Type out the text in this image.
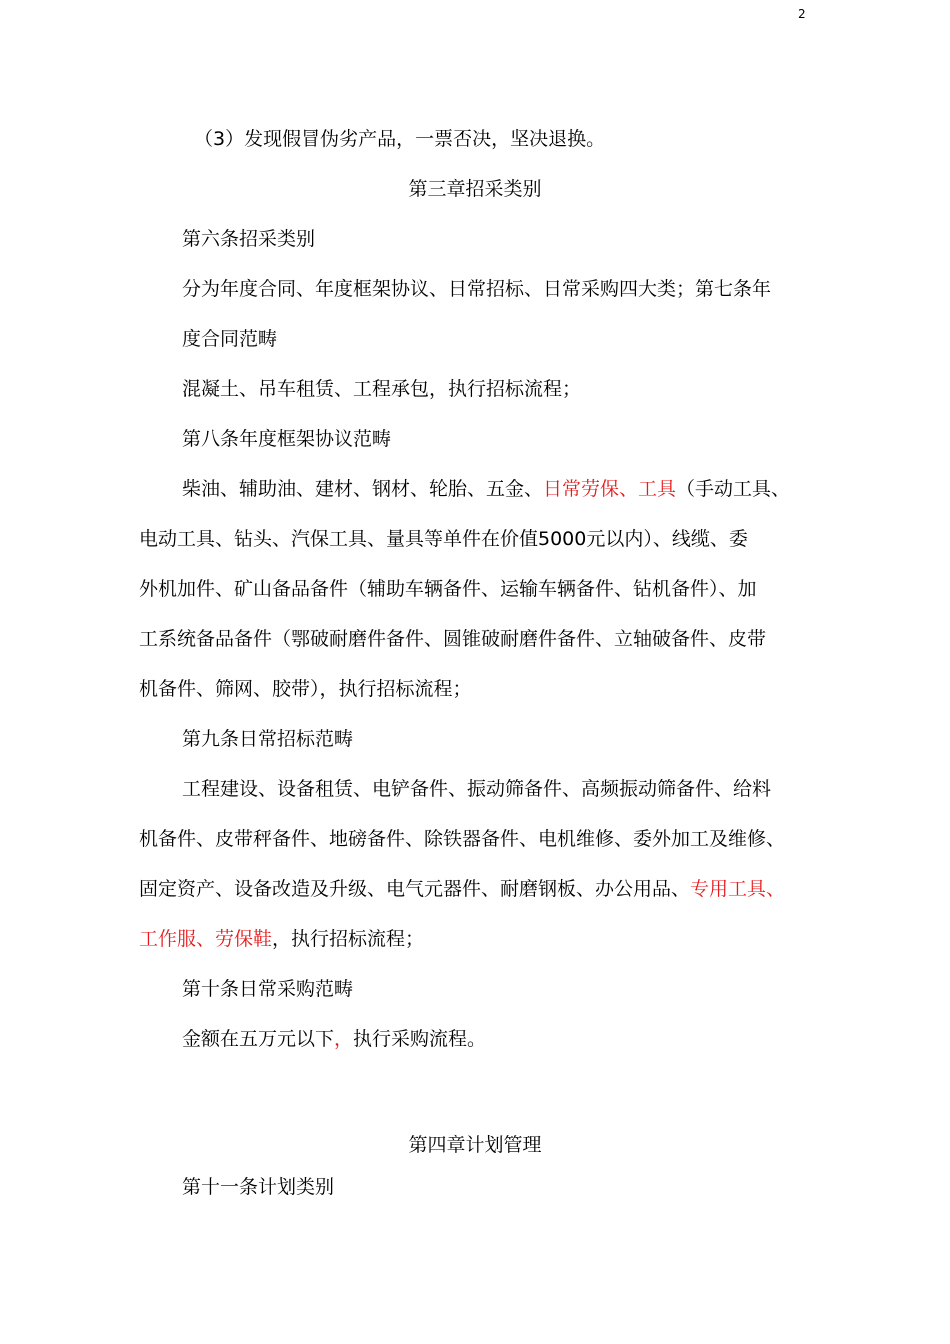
2
（3）发现假冒伪劣产品，一票否决，坚决退换。
第三章招采类别
第六条招采类别
分为年度合同、年度框架协议、日常招标、日常采购四大类；第七条年
度合同范畴
混凝土、吊车租赁、工程承包，执行招标流程；
第八条年度框架协议范畴
柴油、辅助油、建材、钢材、轮胎、五金、日常劳保、工具（手动工具、
电动工具、钻头、汽保工具、量具等单件在价值5000元以内）、线缆、委
外机加件、矿山备品备件（辅助车辆备件、运输车辆备件、钻机备件）、加
工系统备品备件（鄂破耐磨件备件、圆锥破耐磨件备件、立轴破备件、皮带
机备件、筛网、胶带），执行招标流程；
第九条日常招标范畴
工程建设、设备租赁、电铲备件、振动筛备件、高频振动筛备件、给料
机备件、皮带秤备件、地磅备件、除铁器备件、电机维修、委外加工及维修、
固定资产、设备改造及升级、电气元器件、耐磨钢板、办公用品、专用工具、
工作服、劳保鞋，执行招标流程；
第十条日常采购范畴
金额在五万元以下，执行采购流程。
第四章计划管理
第十一条计划类别
